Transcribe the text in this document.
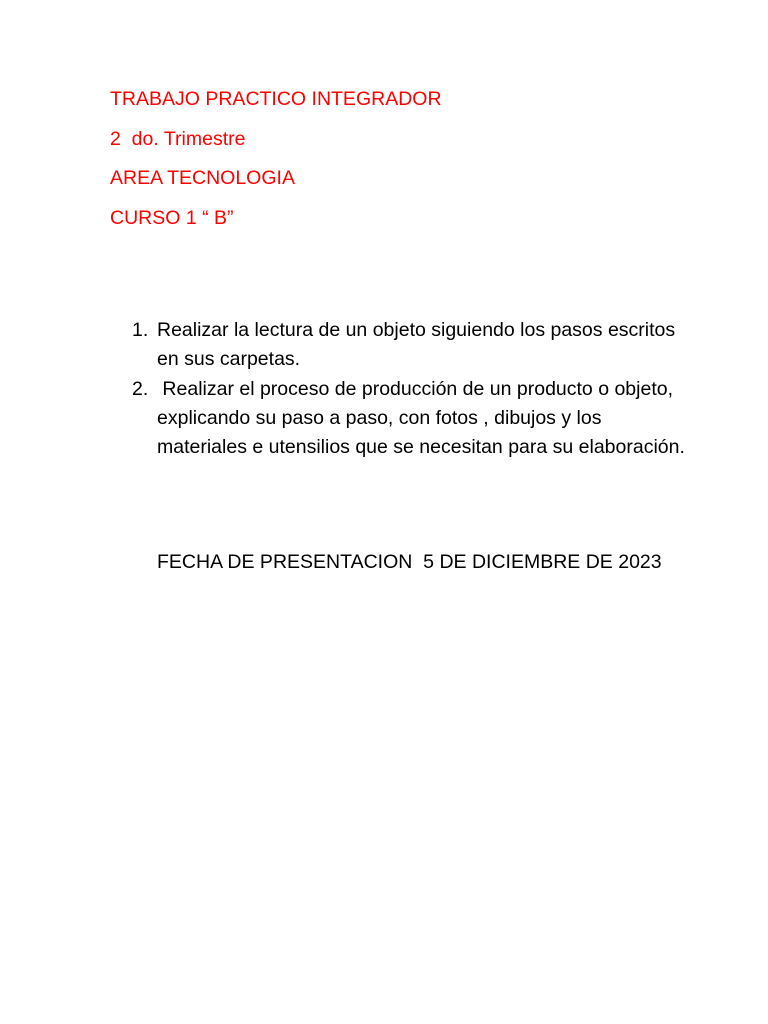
TRABAJO PRACTICO INTEGRADOR
2  do. Trimestre
AREA TECNOLOGIA
CURSO 1 “ B”
1. Realizar la lectura de un objeto siguiendo los pasos escritos en sus carpetas.
2. Realizar el proceso de producción de un producto o objeto, explicando su paso a paso, con fotos , dibujos y los materiales e utensilios que se necesitan para su elaboración.
FECHA DE PRESENTACION  5 DE DICIEMBRE DE 2023
